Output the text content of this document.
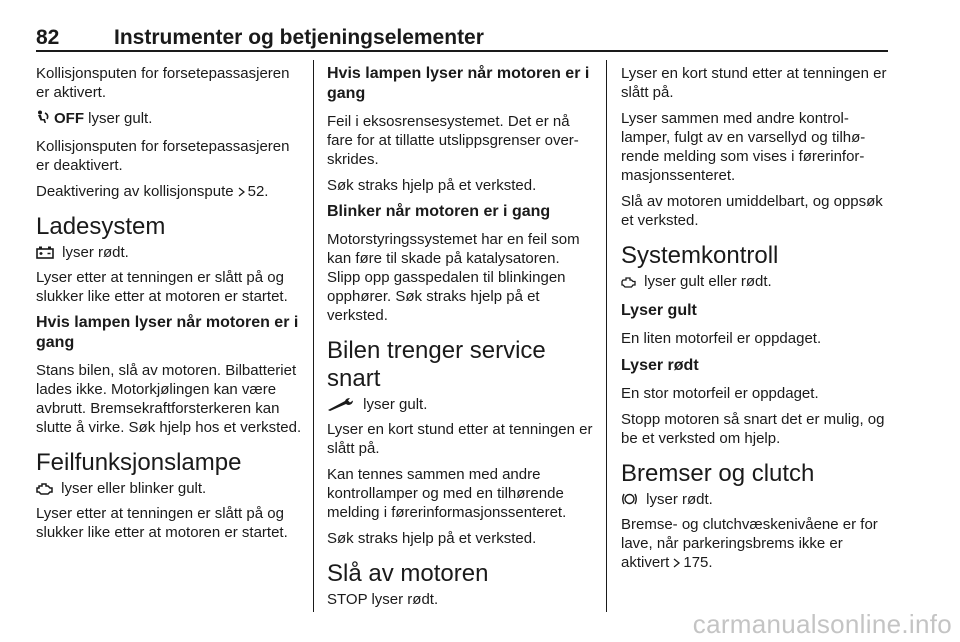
82	Instrumenter og betjeningselementer

Kollisjonsputen for forsetepassasjeren er aktivert.

OFF lyser gult.

Kollisjonsputen for forsetepassasjeren er deaktivert.

Deaktivering av kollisjonspute 52.

Ladesystem

lyser rødt.

Lyser etter at tenningen er slått på og slukker like etter at motoren er startet.

Hvis lampen lyser når motoren er i gang

Stans bilen, slå av motoren. Bilbatteriet lades ikke. Motorkjølingen kan være avbrutt. Bremsekraftforsterkeren kan slutte å virke. Søk hjelp hos et verksted.

Feilfunksjonslampe

lyser eller blinker gult.

Lyser etter at tenningen er slått på og slukker like etter at motoren er startet.

Hvis lampen lyser når motoren er i gang

Feil i eksosrensesystemet. Det er nå fare for at tillatte utslippsgrenser overskrides.

Søk straks hjelp på et verksted.

Blinker når motoren er i gang

Motorstyringssystemet har en feil som kan føre til skade på katalysatoren. Slipp opp gasspedalen til blinkingen opphører. Søk straks hjelp på et verksted.

Bilen trenger service snart

lyser gult.

Lyser en kort stund etter at tenningen er slått på.

Kan tennes sammen med andre kontrollamper og med en tilhørende melding i førerinformasjonssenteret.

Søk straks hjelp på et verksted.

Slå av motoren

STOP lyser rødt.

Lyser en kort stund etter at tenningen er slått på.

Lyser sammen med andre kontrollamper, fulgt av en varsellyd og tilhørende melding som vises i førerinformasjonssenteret.

Slå av motoren umiddelbart, og oppsøk et verksted.

Systemkontroll

lyser gult eller rødt.

Lyser gult

En liten motorfeil er oppdaget.

Lyser rødt

En stor motorfeil er oppdaget.

Stopp motoren så snart det er mulig, og be et verksted om hjelp.

Bremser og clutch

lyser rødt.

Bremse- og clutchvæskenivåene er for lave, når parkeringsbrems ikke er aktivert 175.

carmanualsonline.info
